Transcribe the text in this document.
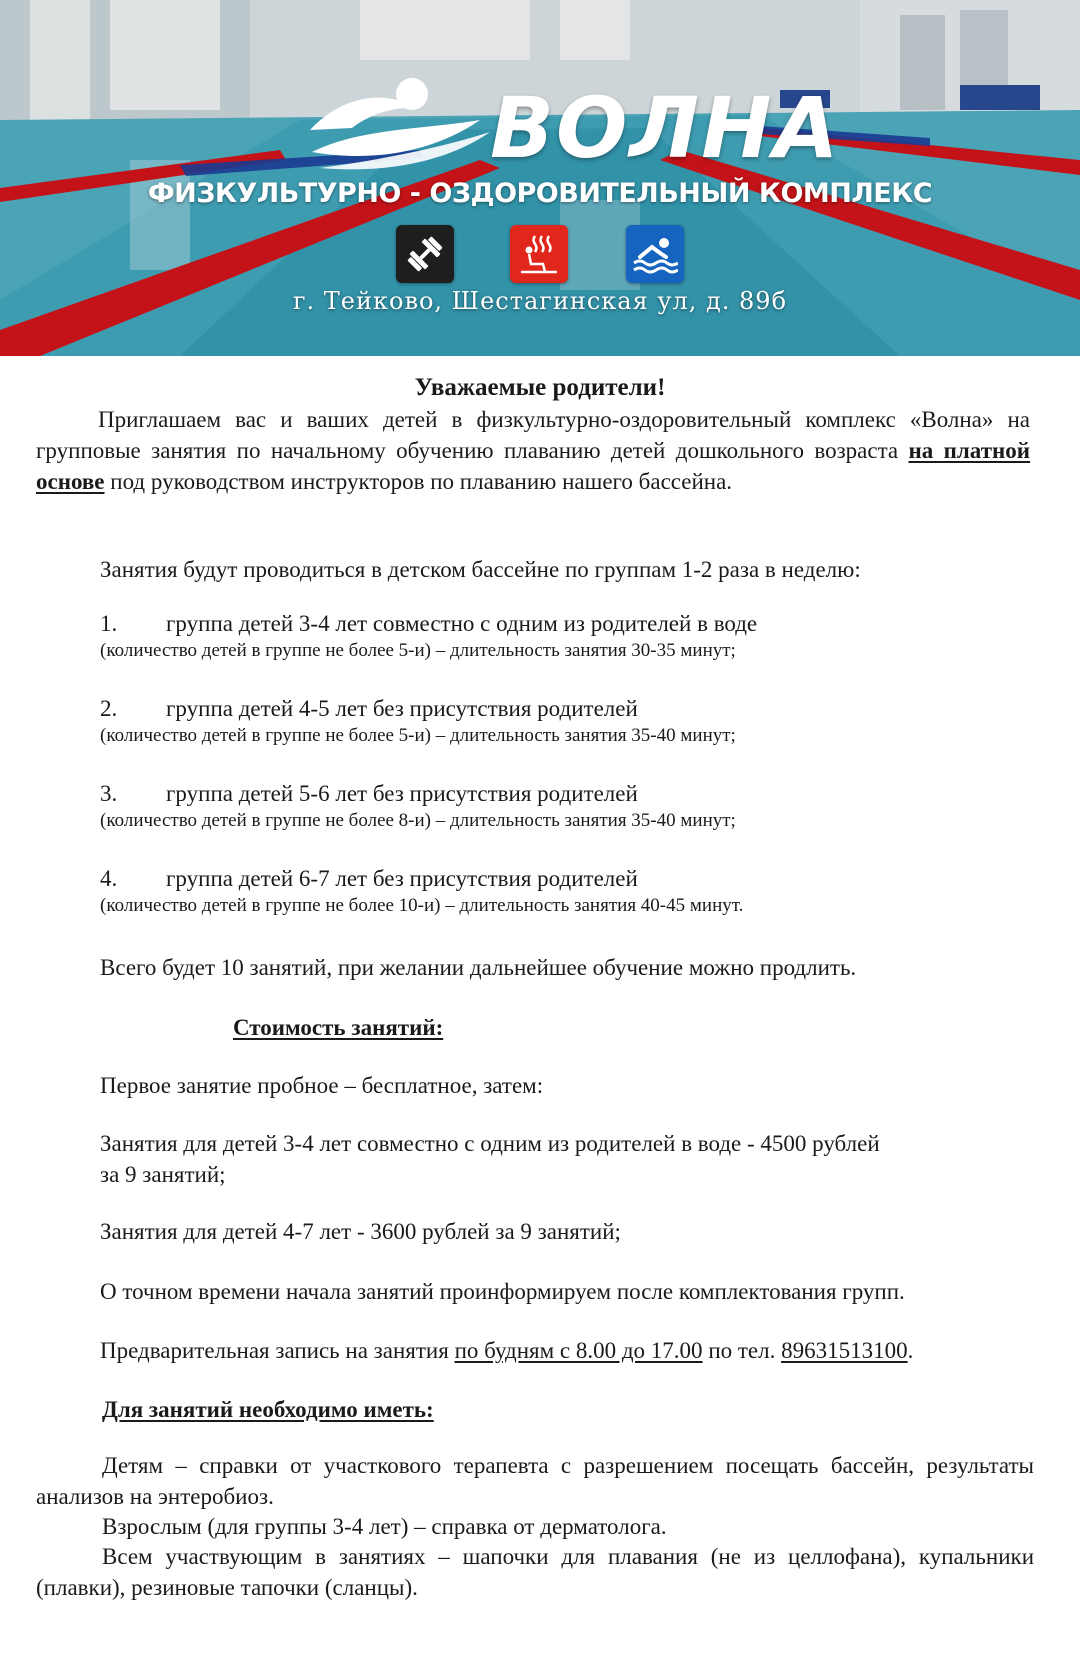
ВОЛНА
ФИЗКУЛЬТУРНО - ОЗДОРОВИТЕЛЬНЫЙ КОМПЛЕКС
г. Тейково, Шестагинская ул, д. 89б
Уважаемые родители!
Приглашаем вас и ваших детей в физкультурно-оздоровительный комплекс «Волна» на групповые занятия по начальному обучению плаванию детей дошкольного возраста на платной основе под руководством инструкторов по плаванию нашего бассейна.
Занятия будут проводиться в детском бассейне по группам 1-2 раза в неделю:
1. группа детей 3-4 лет совместно с одним из родителей в воде
(количество детей в группе не более 5-и) – длительность занятия 30-35 минут;
2. группа детей 4-5 лет без присутствия родителей
(количество детей в группе не более 5-и) – длительность занятия 35-40 минут;
3. группа детей 5-6 лет без присутствия родителей
(количество детей в группе не более 8-и) – длительность занятия 35-40 минут;
4. группа детей 6-7 лет без присутствия родителей
(количество детей в группе не более 10-и) – длительность занятия 40-45 минут.
Всего будет 10 занятий, при желании дальнейшее обучение можно продлить.
Стоимость занятий:
Первое занятие пробное – бесплатное, затем:
Занятия для детей 3-4 лет совместно с одним из родителей в воде - 4500 рублей
за 9 занятий;
Занятия для детей 4-7 лет - 3600 рублей за 9 занятий;
О точном времени начала занятий проинформируем после комплектования групп.
Предварительная запись на занятия по будням с 8.00 до 17.00 по тел. 89631513100.
Для занятий необходимо иметь:
Детям – справки от участкового терапевта с разрешением посещать бассейн, результаты анализов на энтеробиоз.
Взрослым (для группы 3-4 лет) – справка от дерматолога.
Всем участвующим в занятиях – шапочки для плавания (не из целлофана), купальники (плавки), резиновые тапочки (сланцы).
